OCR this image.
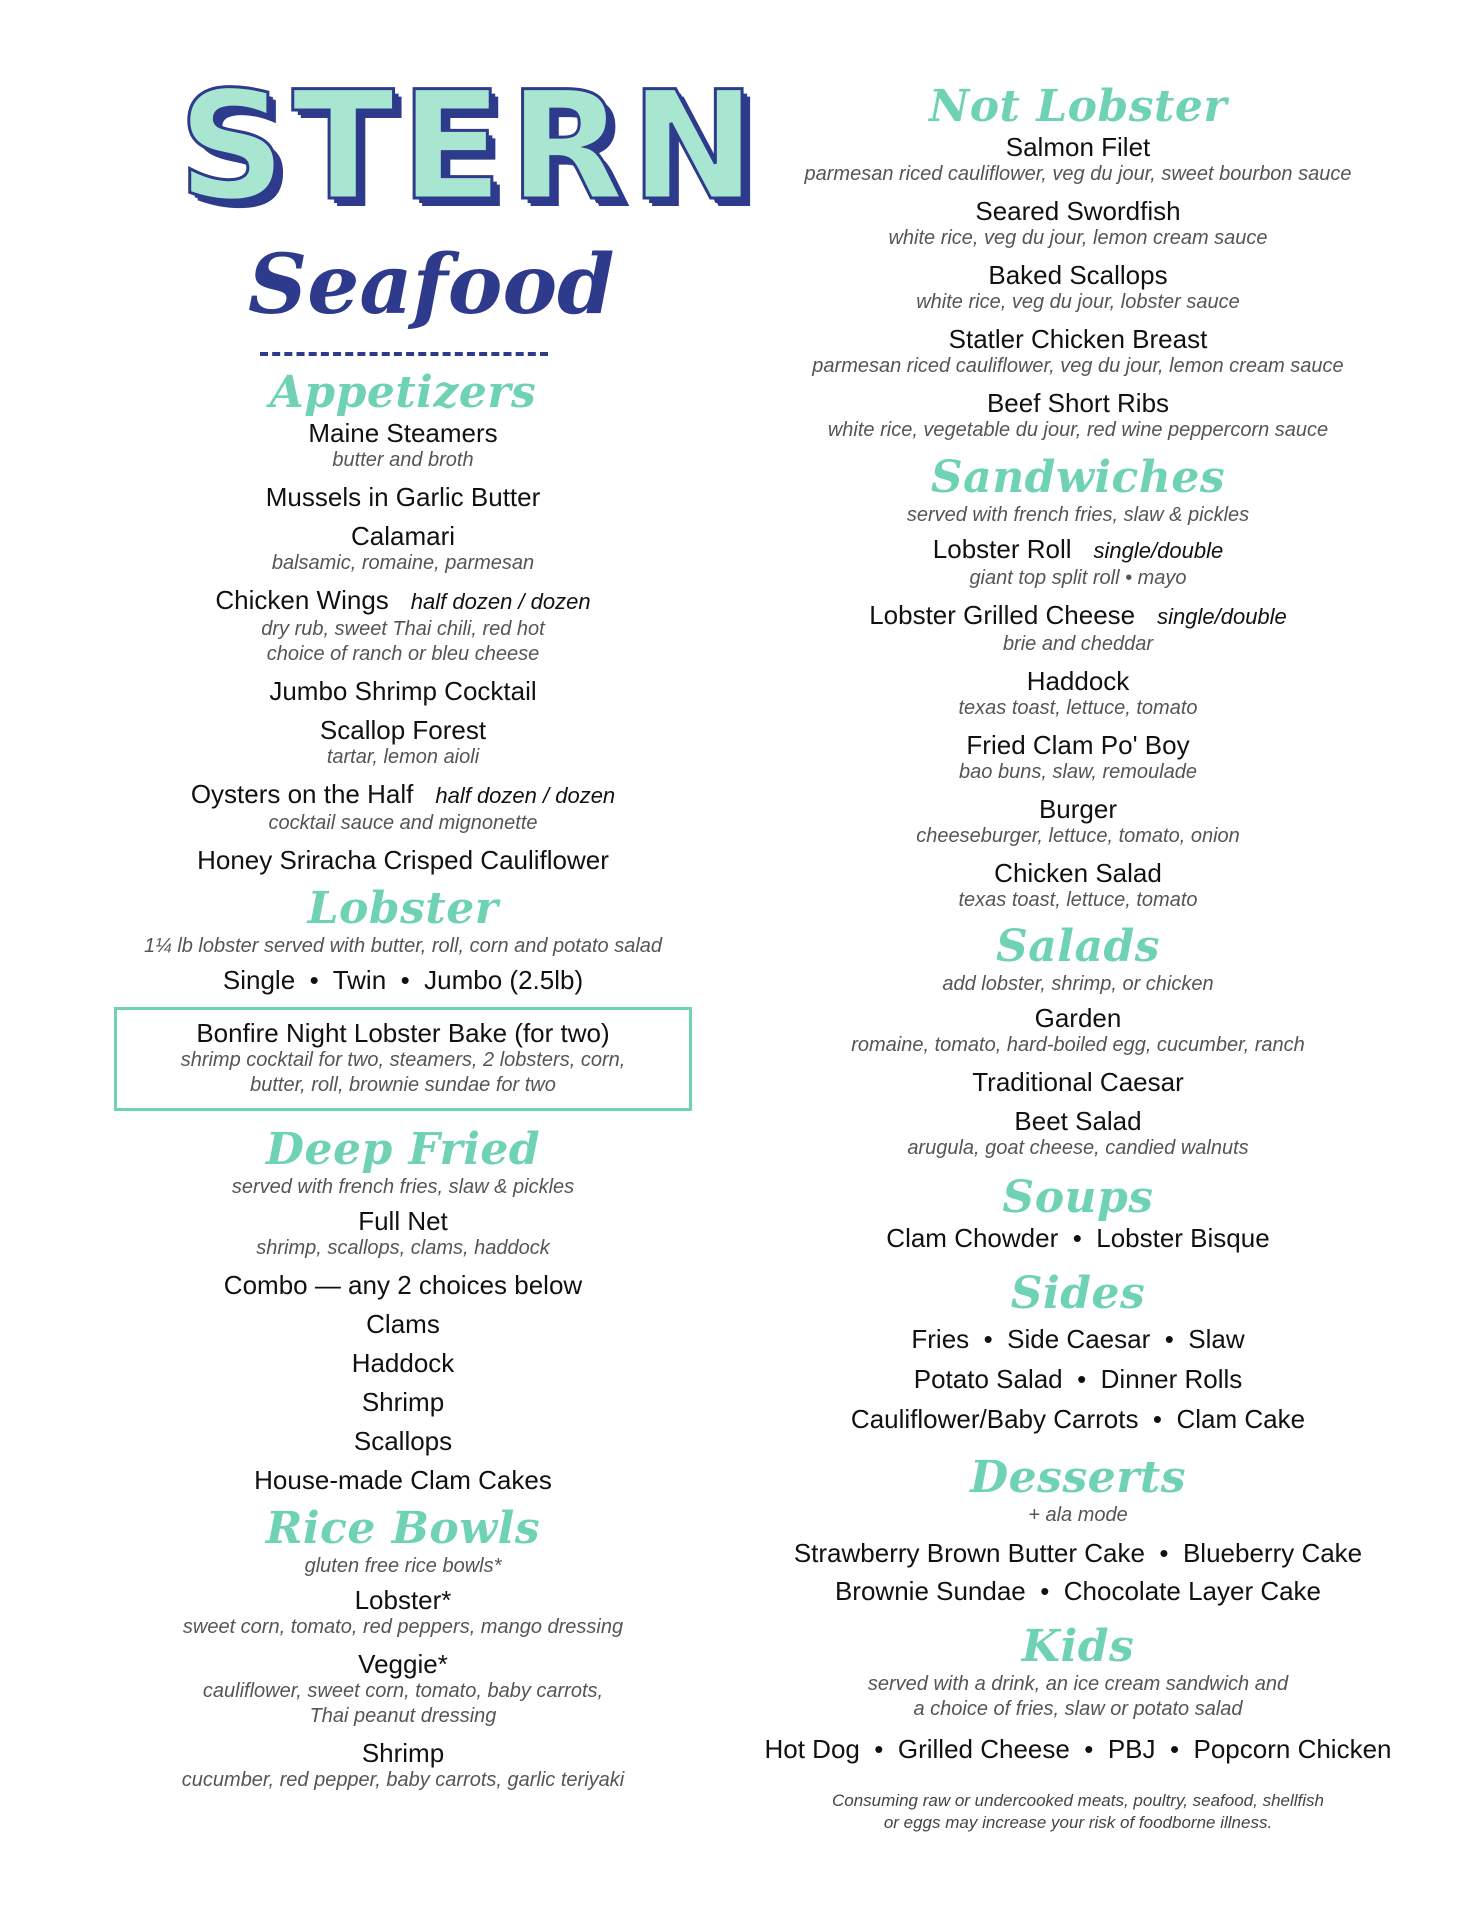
STERN
Seafood
Appetizers

Maine Steamers

butter and broth

Mussels in Garlic Butter

Calamari

balsamic, romaine, parmesan

Chicken Wings half dozen / dozen

dry rub, sweet Thai chili, red hot

choice of ranch or bleu cheese

Jumbo Shrimp Cocktail

Scallop Forest

tartar, lemon aioli

Oysters on the Half half dozen / dozen

cocktail sauce and mignonette

Honey Sriracha Crisped Cauliflower

Lobster

1¼ lb lobster served with butter, roll, corn and potato salad

Single  •  Twin  •  Jumbo (2.5lb)

Bonfire Night Lobster Bake (for two)

shrimp cocktail for two, steamers, 2 lobsters, corn,

butter, roll, brownie sundae for two

Deep Fried

served with french fries, slaw & pickles

Full Net

shrimp, scallops, clams, haddock

Combo — any 2 choices below

Clams

Haddock

Shrimp

Scallops

House-made Clam Cakes

Rice Bowls

gluten free rice bowls*

Lobster*

sweet corn, tomato, red peppers, mango dressing

Veggie*

cauliflower, sweet corn, tomato, baby carrots,

Thai peanut dressing

Shrimp

cucumber, red pepper, baby carrots, garlic teriyaki

Not Lobster

Salmon Filet

parmesan riced cauliflower, veg du jour, sweet bourbon sauce

Seared Swordfish

white rice, veg du jour, lemon cream sauce

Baked Scallops

white rice, veg du jour, lobster sauce

Statler Chicken Breast

parmesan riced cauliflower, veg du jour, lemon cream sauce

Beef Short Ribs

white rice, vegetable du jour, red wine peppercorn sauce

Sandwiches

served with french fries, slaw & pickles

Lobster Roll single/double

giant top split roll • mayo

Lobster Grilled Cheese single/double

brie and cheddar

Haddock

texas toast, lettuce, tomato

Fried Clam Po' Boy

bao buns, slaw, remoulade

Burger

cheeseburger, lettuce, tomato, onion

Chicken Salad

texas toast, lettuce, tomato

Salads

add lobster, shrimp, or chicken

Garden

romaine, tomato, hard-boiled egg, cucumber, ranch

Traditional Caesar

Beet Salad

arugula, goat cheese, candied walnuts

Soups

Clam Chowder  •  Lobster Bisque

Sides

Fries  •  Side Caesar  •  Slaw

Potato Salad  •  Dinner Rolls

Cauliflower/Baby Carrots  •  Clam Cake

Desserts

+ ala mode

Strawberry Brown Butter Cake  •  Blueberry Cake

Brownie Sundae  •  Chocolate Layer Cake

Kids

served with a drink, an ice cream sandwich and

a choice of fries, slaw or potato salad

Hot Dog  •  Grilled Cheese  •  PBJ  •  Popcorn Chicken

Consuming raw or undercooked meats, poultry, seafood, shellfish

or eggs may increase your risk of foodborne illness.
